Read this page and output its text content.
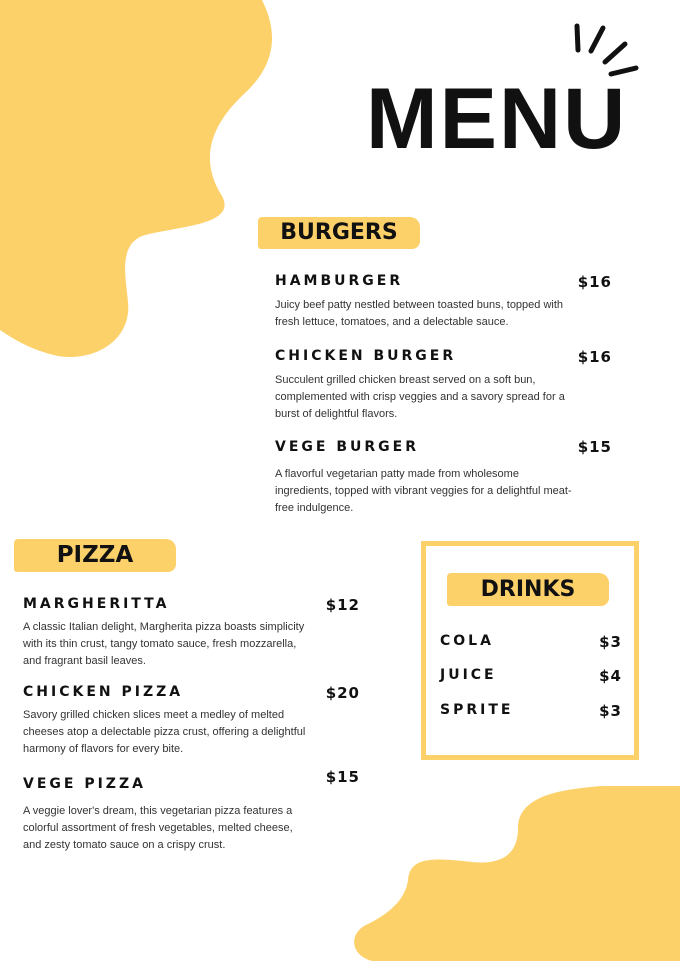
MENU
BURGERS
HAMBURGER	$16

Juicy beef patty nestled between toasted buns, topped with fresh lettuce, tomatoes, and a delectable sauce.

CHICKEN BURGER	$16

Succulent grilled chicken breast served on a soft bun, complemented with crisp veggies and a savory spread for a burst of delightful flavors.

VEGE BURGER	$15

A flavorful vegetarian patty made from wholesome ingredients, topped with vibrant veggies for a delightful meat-free indulgence.

PIZZA
MARGHERITTA	$12

A classic Italian delight, Margherita pizza boasts simplicity with its thin crust, tangy tomato sauce, fresh mozzarella, and fragrant basil leaves.

CHICKEN PIZZA	$20

Savory grilled chicken slices meet a medley of melted cheeses atop a delectable pizza crust, offering a delightful harmony of flavors for every bite.

VEGE PIZZA	$15

A veggie lover's dream, this vegetarian pizza features a colorful assortment of fresh vegetables, melted cheese, and zesty tomato sauce on a crispy crust.

DRINKS
COLA	$3
JUICE	$4
SPRITE	$3
